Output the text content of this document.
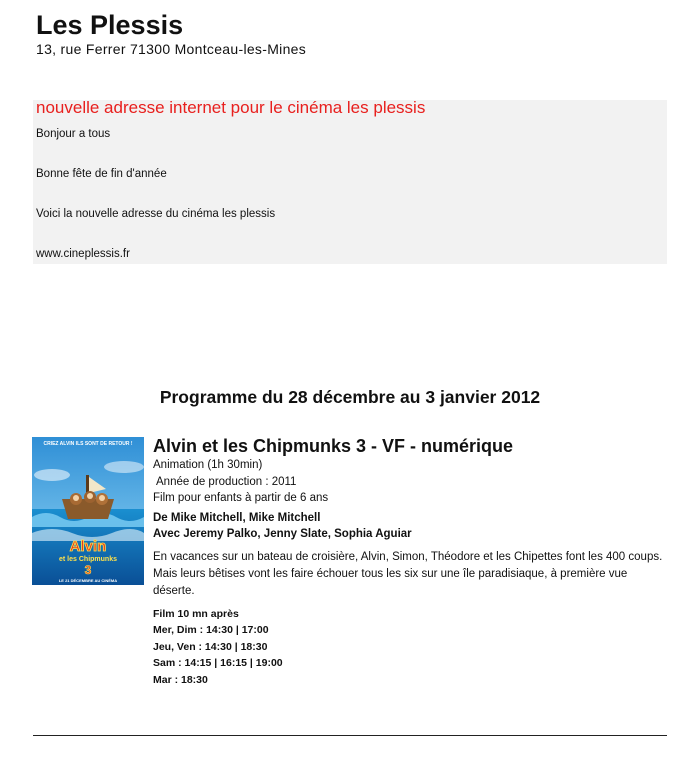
Les Plessis
13, rue Ferrer 71300 Montceau-les-Mines
nouvelle adresse internet pour le cinéma les plessis
Bonjour a tous
Bonne fête de fin d'année
Voici la nouvelle adresse du cinéma les plessis
www.cineplessis.fr
Programme du 28 décembre au 3 janvier 2012
CRIEZ ALVIN ILS SONT DE RETOUR !
Alvin
et les Chipmunks
3
LE 21 DÉCEMBRE AU CINÉMA
Alvin et les Chipmunks 3 - VF - numérique
Animation (1h 30min)
Année de production : 2011
Film pour enfants à partir de 6 ans
De Mike Mitchell, Mike Mitchell
Avec Jeremy Palko, Jenny Slate, Sophia Aguiar
En vacances sur un bateau de croisière, Alvin, Simon, Théodore et les Chipettes font les 400 coups. Mais leurs bêtises vont les faire échouer tous les six sur une île paradisiaque, à première vue déserte.
Film 10 mn après
Mer, Dim : 14:30 | 17:00
Jeu, Ven : 14:30 | 18:30
Sam : 14:15 | 16:15 | 19:00
Mar : 18:30
